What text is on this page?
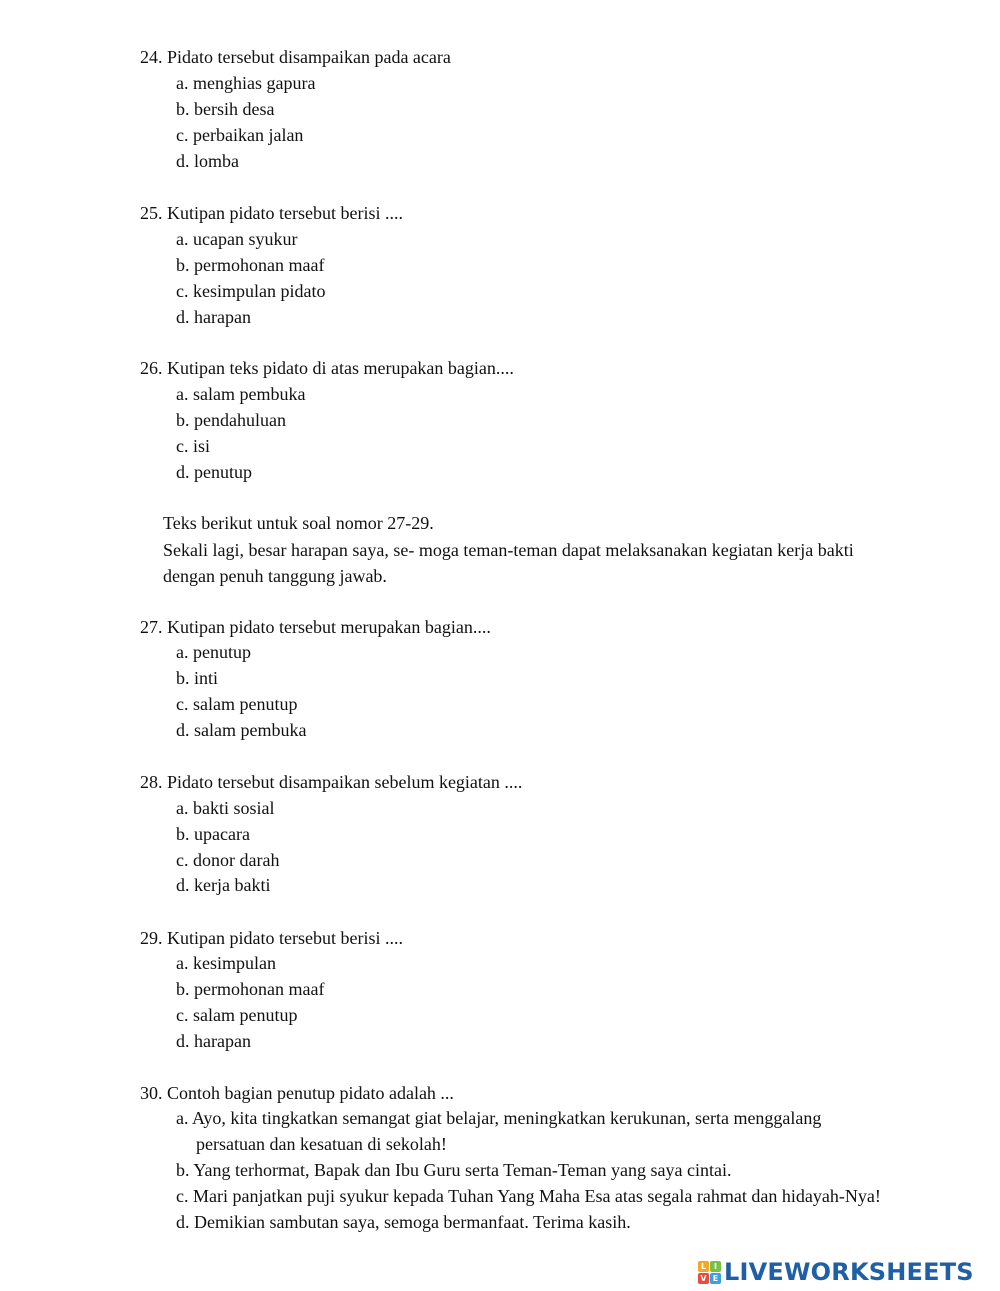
24. Pidato tersebut disampaikan pada acara
a. menghias gapura
b. bersih desa
c. perbaikan jalan
d. lomba
25. Kutipan pidato tersebut berisi ....
a. ucapan syukur
b. permohonan maaf
c. kesimpulan pidato
d. harapan
26. Kutipan teks pidato di atas merupakan bagian....
a. salam pembuka
b. pendahuluan
c. isi
d. penutup
Teks berikut untuk soal nomor 27-29.
Sekali lagi, besar harapan saya, se- moga teman-teman dapat melaksanakan kegiatan kerja bakti
dengan penuh tanggung jawab.
27. Kutipan pidato tersebut merupakan bagian....
a. penutup
b. inti
c. salam penutup
d. salam pembuka
28. Pidato tersebut disampaikan sebelum kegiatan ....
a. bakti sosial
b. upacara
c. donor darah
d. kerja bakti
29. Kutipan pidato tersebut berisi ....
a. kesimpulan
b. permohonan maaf
c. salam penutup
d. harapan
30. Contoh bagian penutup pidato adalah ...
a. Ayo, kita tingkatkan semangat giat belajar, meningkatkan kerukunan, serta menggalang
persatuan dan kesatuan di sekolah!
b. Yang terhormat, Bapak dan Ibu Guru serta Teman-Teman yang saya cintai.
c. Mari panjatkan puji syukur kepada Tuhan Yang Maha Esa atas segala rahmat dan hidayah-Nya!
d. Demikian sambutan saya, semoga bermanfaat. Terima kasih.
L I
V E LIVEWORKSHEETS
